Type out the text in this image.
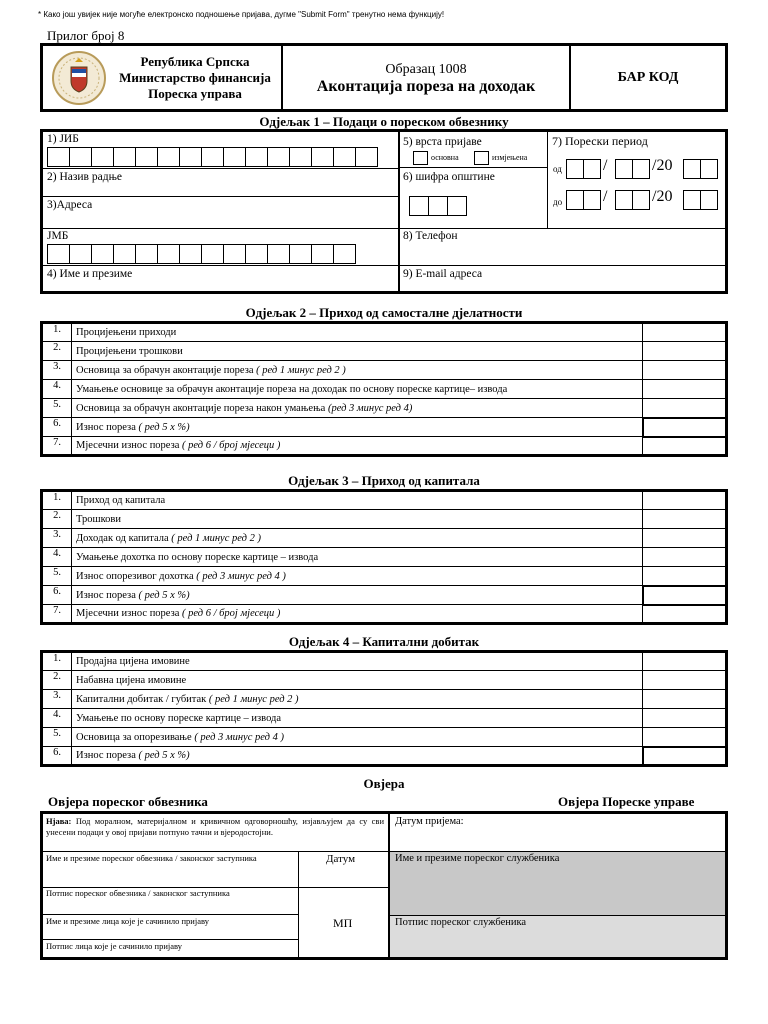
* Како још увијек није могуће електронско подношење пријава, дугме "Submit Form" тренутно нема функцију!
Прилог број 8
Република Српска
Министарство финансија
Пореска управа
Образац 1008
Аконтација пореза на доходак
БАР КОД
Одјељак 1 – Подаци о пореском обвезнику
1) ЈИБ
2) Назив радње
3)Адреса
ЈМБ
4) Име и презиме
5) врста пријаве
основна	измјењена
6) шифра општине
8) Телефон
9) E-mail адреса
7) Порески период
од	/	/20
до	/	/20
Одјељак 2 – Приход од самосталне дјелатности
1.	Процијењени приходи	
2.	Процијењени трошкови	
3.	Основица за обрачун аконтације пореза ( ред 1 минус ред 2 )	
4.	Умањење основице за обрачун аконтације пореза на доходак по основу пореске картице– извода	
5.	Основица за обрачун аконтације пореза након умањења (ред 3 минус ред 4)	
6.	Износ пореза ( ред 5 х %)	
7.	Мјесечни износ пореза ( ред 6 / број мјесеци )	
Одјељак 3 – Приход од капитала
1.	Приход од капитала	
2.	Трошкови	
3.	Доходак од капитала ( ред 1 минус ред 2 )	
4.	Умањење дохотка по основу пореске картице – извода	
5.	Износ опорезивог дохотка ( ред 3 минус ред 4 )	
6.	Износ пореза ( ред 5 х %)	
7.	Мјесечни износ пореза ( ред 6 / број мјесеци )	
Одјељак 4 – Капитални добитак
1.	Продајна цијена имовине	
2.	Набавна цијена имовине	
3.	Капитални добитак / губитак ( ред 1 минус ред 2 )	
4.	Умањење по основу пореске картице – извода	
5.	Основица за опорезивање ( ред 3 минус ред 4 )	
6.	Износ пореза ( ред 5 х %)	
Овјера
Овјера пореског обвезника	Овјера Пореске управе
Нјава: Под моралном, материјалном и кривичном одговорношћу, изјављујем да су сви унесени подаци у овој пријави потпуно тачни и вјеродостојни.
Име и презиме пореског обвезника / законског заступника	Датум
Потпис пореског обвезника / законског заступника
Име и презиме лица које је сачинило пријаву	МП
Потпис лица које је сачинило пријаву
Датум пријема:
Име и презиме пореског службеника
Потпис пореског службеника
